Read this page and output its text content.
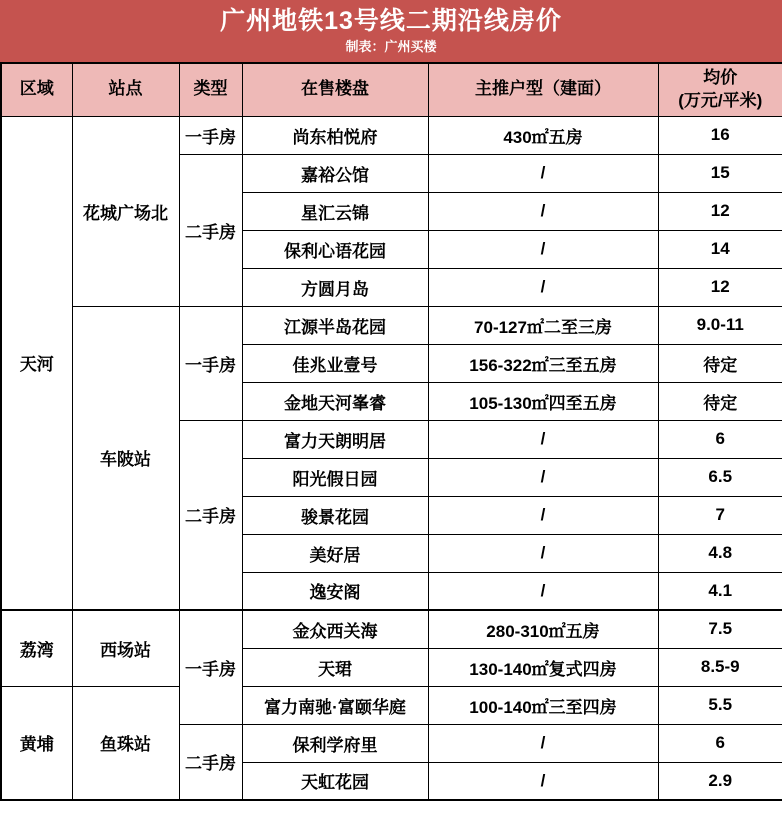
广州地铁13号线二期沿线房价
制表：广州买楼
区域	站点	类型	在售楼盘	主推户型（建面）	均价
(万元/平米)
天河	花城广场北	一手房	尚东柏悦府	430㎡五房	16
		二手房	嘉裕公馆	/	15
			星汇云锦	/	12
			保利心语花园	/	14
			方圆月岛	/	12
	车陂站	一手房	江源半岛花园	70-127㎡二至三房	9.0-11
			佳兆业壹号	156-322㎡三至五房	待定
			金地天河峯睿	105-130㎡四至五房	待定
		二手房	富力天朗明居	/	6
			阳光假日园	/	6.5
			骏景花园	/	7
			美好居	/	4.8
			逸安阁	/	4.1
荔湾	西场站	一手房	金众西关海	280-310㎡五房	7.5
			天珺	130-140㎡复式四房	8.5-9
黄埔	鱼珠站		富力南驰·富颐华庭	100-140㎡三至四房	5.5
		二手房	保利学府里	/	6
			天虹花园	/	2.9
